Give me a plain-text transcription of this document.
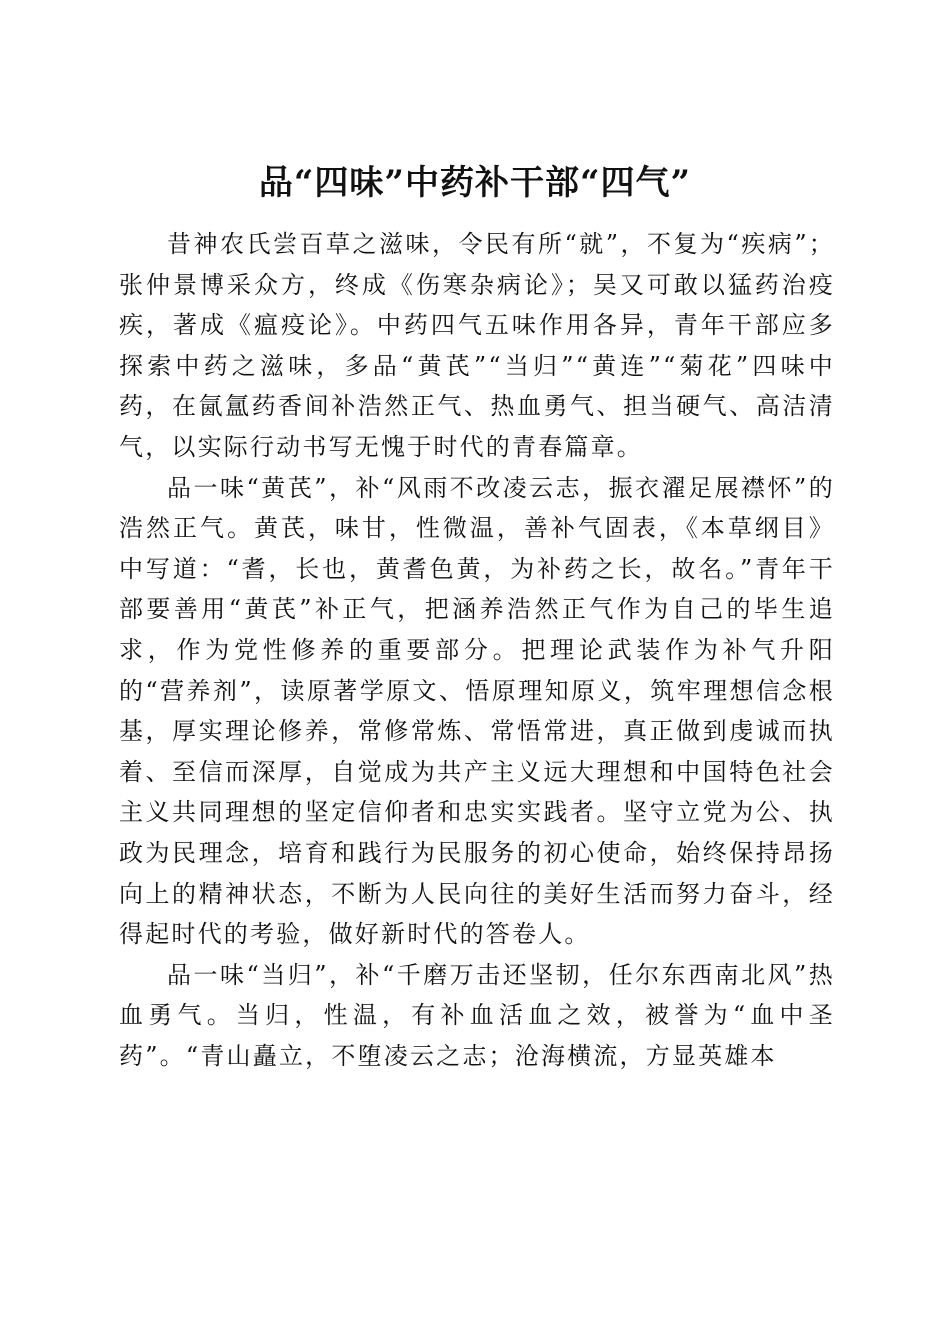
品“四味”中药补干部“四气”

昔神农氏尝百草之滋味，令民有所“就”，不复为“疾病”；张仲景博采众方，终成《伤寒杂病论》；吴又可敢以猛药治疫疾，著成《瘟疫论》。中药四气五味作用各异，青年干部应多探索中药之滋味，多品“黄芪”“当归”“黄连”“菊花”四味中药，在氤氲药香间补浩然正气、热血勇气、担当硬气、高洁清气，以实际行动书写无愧于时代的青春篇章。

品一味“黄芪”，补“风雨不改凌云志，振衣濯足展襟怀”的浩然正气。黄芪，味甘，性微温，善补气固表，《本草纲目》中写道：“耆，长也，黄耆色黄，为补药之长，故名。”青年干部要善用“黄芪”补正气，把涵养浩然正气作为自己的毕生追求，作为党性修养的重要部分。把理论武装作为补气升阳的“营养剂”，读原著学原文、悟原理知原义，筑牢理想信念根基，厚实理论修养，常修常炼、常悟常进，真正做到虔诚而执着、至信而深厚，自觉成为共产主义远大理想和中国特色社会主义共同理想的坚定信仰者和忠实实践者。坚守立党为公、执政为民理念，培育和践行为民服务的初心使命，始终保持昂扬向上的精神状态，不断为人民向往的美好生活而努力奋斗，经得起时代的考验，做好新时代的答卷人。

品一味“当归”，补“千磨万击还坚韧，任尔东西南北风”热血勇气。当归，性温，有补血活血之效，被誉为“血中圣药”。“青山矗立，不堕凌云之志；沧海横流，方显英雄本
